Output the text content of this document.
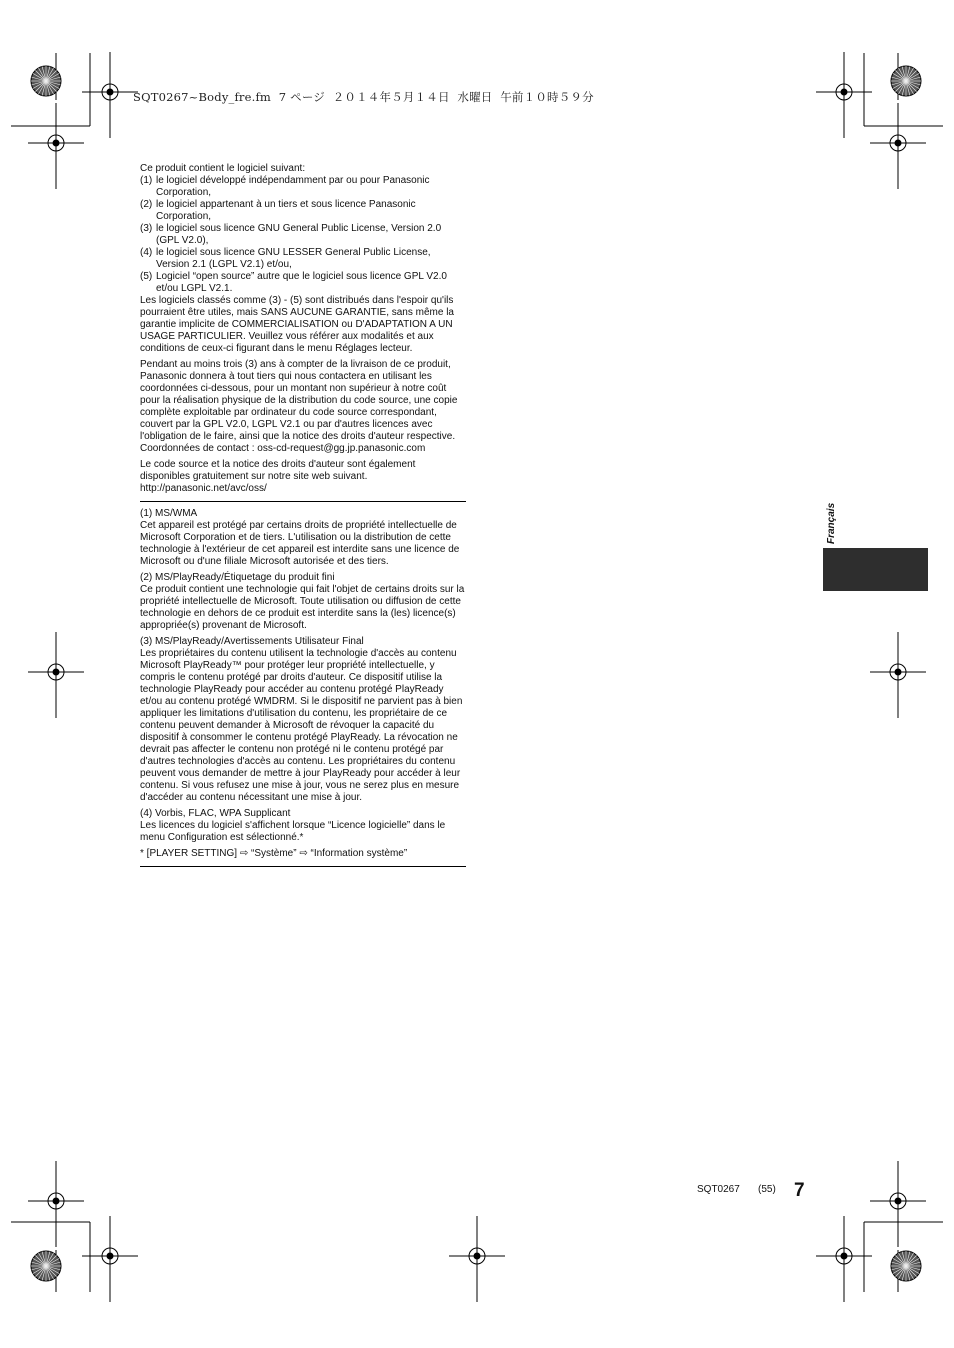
SQT0267~Body_fre.fm  7 ページ  ２０１４年５月１４日  水曜日  午前１０時５９分

Ce produit contient le logiciel suivant:

(1) le logiciel développé indépendamment par ou pour Panasonic Corporation,
(2) le logiciel appartenant à un tiers et sous licence Panasonic Corporation,
(3) le logiciel sous licence GNU General Public License, Version 2.0 (GPL V2.0),
(4) le logiciel sous licence GNU LESSER General Public License, Version 2.1 (LGPL V2.1) et/ou,
(5) Logiciel “open source” autre que le logiciel sous licence GPL V2.0 et/ou LGPL V2.1.

Les logiciels classés comme (3) - (5) sont distribués dans l'espoir qu'ils pourraient être utiles, mais SANS AUCUNE GARANTIE, sans même la garantie implicite de COMMERCIALISATION ou D'ADAPTATION A UN USAGE PARTICULIER. Veuillez vous référer aux modalités et aux conditions de ceux-ci figurant dans le menu Réglages lecteur.

Pendant au moins trois (3) ans à compter de la livraison de ce produit, Panasonic donnera à tout tiers qui nous contactera en utilisant les coordonnées ci-dessous, pour un montant non supérieur à notre coût pour la réalisation physique de la distribution du code source, une copie complète exploitable par ordinateur du code source correspondant, couvert par la GPL V2.0, LGPL V2.1 ou par d'autres licences avec l'obligation de le faire, ainsi que la notice des droits d'auteur respective.
Coordonnées de contact : oss-cd-request@gg.jp.panasonic.com

Le code source et la notice des droits d'auteur sont également disponibles gratuitement sur notre site web suivant.
http://panasonic.net/avc/oss/

(1) MS/WMA
Cet appareil est protégé par certains droits de propriété intellectuelle de Microsoft Corporation et de tiers. L'utilisation ou la distribution de cette technologie à l'extérieur de cet appareil est interdite sans une licence de Microsoft ou d'une filiale Microsoft autorisée et des tiers.
(2) MS/PlayReady/Étiquetage du produit fini
Ce produit contient une technologie qui fait l'objet de certains droits sur la propriété intellectuelle de Microsoft. Toute utilisation ou diffusion de cette technologie en dehors de ce produit est interdite sans la (les) licence(s) appropriée(s) provenant de Microsoft.
(3) MS/PlayReady/Avertissements Utilisateur Final
Les propriétaires du contenu utilisent la technologie d'accès au contenu Microsoft PlayReady™ pour protéger leur propriété intellectuelle, y compris le contenu protégé par droits d'auteur. Ce dispositif utilise la technologie PlayReady pour accéder au contenu protégé PlayReady et/ou au contenu protégé WMDRM. Si le dispositif ne parvient pas à bien appliquer les limitations d'utilisation du contenu, les propriétaire de ce contenu peuvent demander à Microsoft de révoquer la capacité du dispositif à consommer le contenu protégé PlayReady. La révocation ne devrait pas affecter le contenu non protégé ni le contenu protégé par d'autres technologies d'accès au contenu. Les propriétaires du contenu peuvent vous demander de mettre à jour PlayReady pour accéder à leur contenu. Si vous refusez une mise à jour, vous ne serez plus en mesure d'accéder au contenu nécessitant une mise à jour.
(4) Vorbis, FLAC, WPA Supplicant
Les licences du logiciel s'affichent lorsque “Licence logicielle” dans le menu Configuration est sélectionné.*

* [PLAYER SETTING] ⇨ “Système” ⇨ “Information système”

Français
SQT0267 (55) 7
